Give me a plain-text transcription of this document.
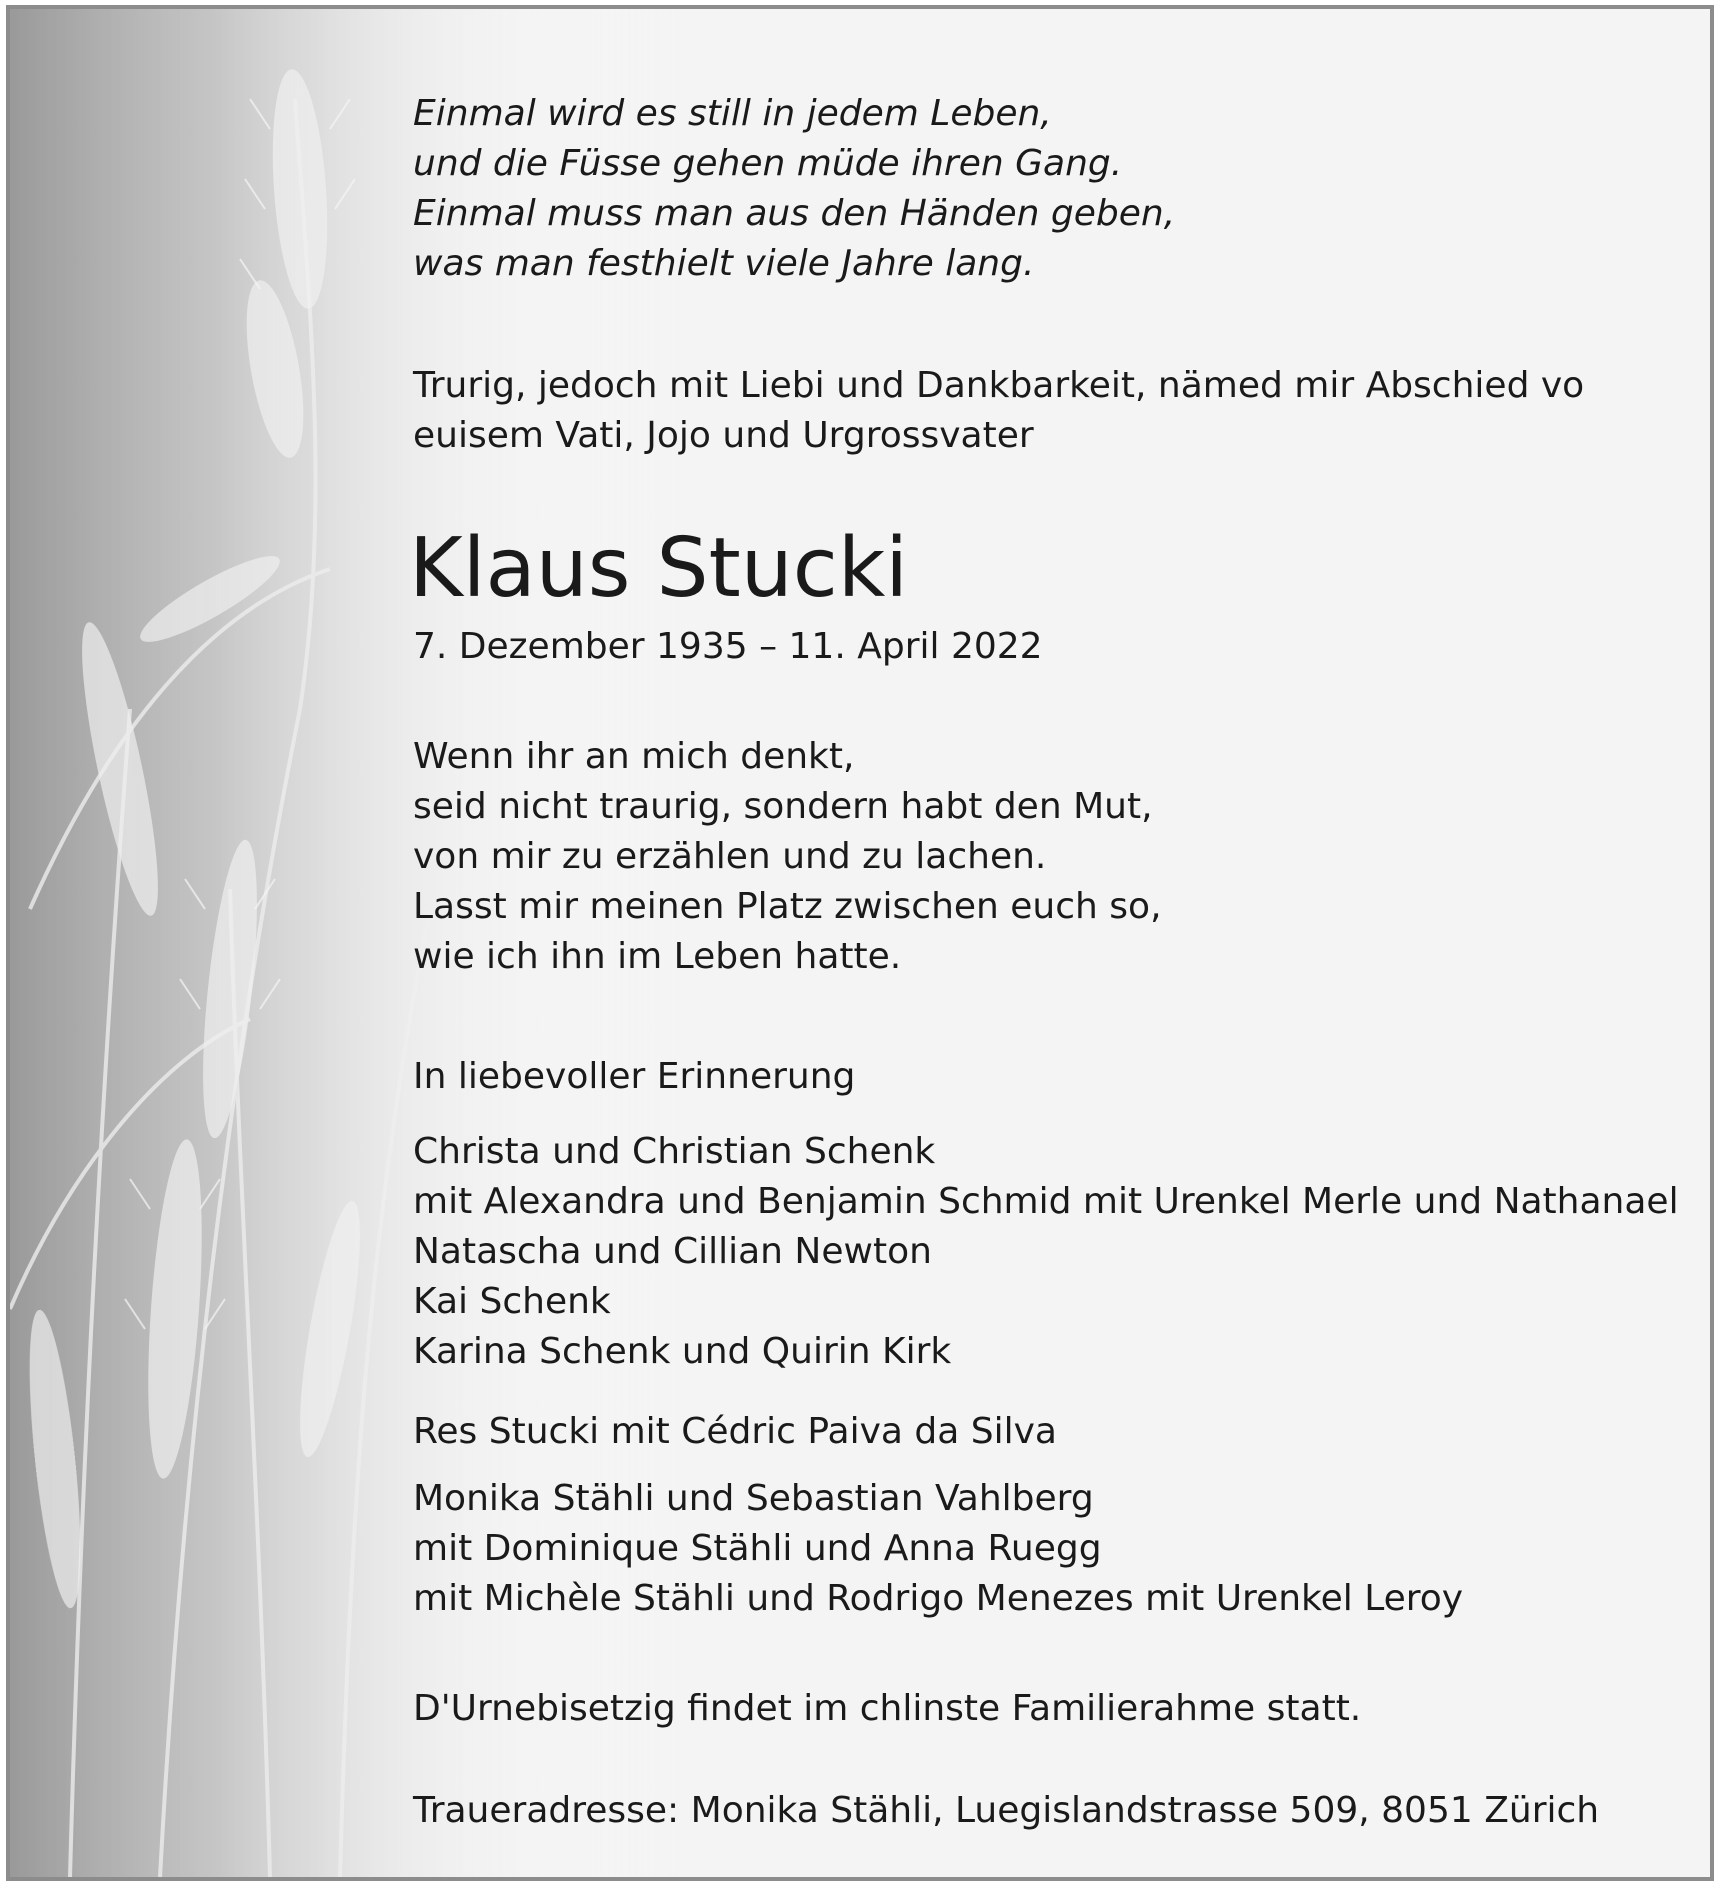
Einmal wird es still in jedem Leben,
und die Füsse gehen müde ihren Gang.
Einmal muss man aus den Händen geben,
was man festhielt viele Jahre lang.

Trurig, jedoch mit Liebi und Dankbarkeit, nämed mir Abschied vo
euisem Vati, Jojo und Urgrossvater

Klaus Stucki
7. Dezember 1935 – 11. April 2022

Wenn ihr an mich denkt,
seid nicht traurig, sondern habt den Mut,
von mir zu erzählen und zu lachen.
Lasst mir meinen Platz zwischen euch so,
wie ich ihn im Leben hatte.

In liebevoller Erinnerung

Christa und Christian Schenk
mit Alexandra und Benjamin Schmid mit Urenkel Merle und Nathanael
Natascha und Cillian Newton
Kai Schenk
Karina Schenk und Quirin Kirk

Res Stucki mit Cédric Paiva da Silva

Monika Stähli und Sebastian Vahlberg
mit Dominique Stähli und Anna Ruegg
mit Michèle Stähli und Rodrigo Menezes mit Urenkel Leroy

D'Urnebisetzig findet im chlinste Familierahme statt.
Traueradresse: Monika Stähli, Luegislandstrasse 509, 8051 Zürich
